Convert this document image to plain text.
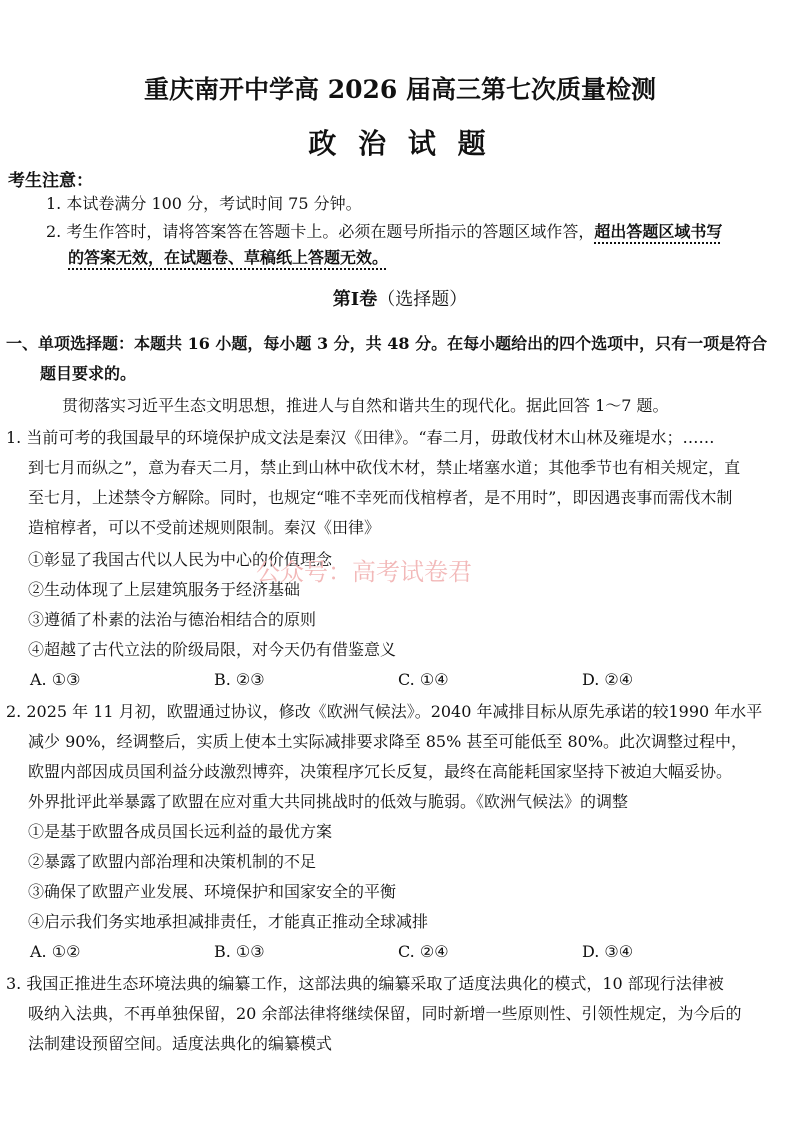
重庆南开中学高 2026 届高三第七次质量检测
政 治 试 题
考生注意：
1. 本试卷满分 100 分，考试时间 75 分钟。
2. 考生作答时，请将答案答在答题卡上。必须在题号所指示的答题区域作答，超出答题区域书写
的答案无效，在试题卷、草稿纸上答题无效。
第Ⅰ卷（选择题）
一、单项选择题：本题共 16 小题，每小题 3 分，共 48 分。在每小题给出的四个选项中，只有一项是符合
题目要求的。
贯彻落实习近平生态文明思想，推进人与自然和谐共生的现代化。据此回答 1～7 题。
1. 当前可考的我国最早的环境保护成文法是秦汉《田律》。“春二月，毋敢伐材木山林及雍堤水；……
到七月而纵之”，意为春天二月，禁止到山林中砍伐木材，禁止堵塞水道；其他季节也有相关规定，直
至七月，上述禁令方解除。同时，也规定“唯不幸死而伐棺椁者，是不用时”，即因遇丧事而需伐木制
造棺椁者，可以不受前述规则限制。秦汉《田律》
①彰显了我国古代以人民为中心的价值理念
②生动体现了上层建筑服务于经济基础
③遵循了朴素的法治与德治相结合的原则
④超越了古代立法的阶级局限，对今天仍有借鉴意义
A. ①③	B. ②③	C. ①④	D. ②④
公众号：高考试卷君
2. 2025 年 11 月初，欧盟通过协议，修改《欧洲气候法》。2040 年减排目标从原先承诺的较1990 年水平
减少 90%，经调整后，实质上使本土实际减排要求降至 85% 甚至可能低至 80%。此次调整过程中，
欧盟内部因成员国利益分歧激烈博弈，决策程序冗长反复，最终在高能耗国家坚持下被迫大幅妥协。
外界批评此举暴露了欧盟在应对重大共同挑战时的低效与脆弱。《欧洲气候法》的调整
①是基于欧盟各成员国长远利益的最优方案
②暴露了欧盟内部治理和决策机制的不足
③确保了欧盟产业发展、环境保护和国家安全的平衡
④启示我们务实地承担减排责任，才能真正推动全球减排
A. ①②	B. ①③	C. ②④	D. ③④
3. 我国正推进生态环境法典的编纂工作，这部法典的编纂采取了适度法典化的模式，10 部现行法律被
吸纳入法典，不再单独保留，20 余部法律将继续保留，同时新增一些原则性、引领性规定，为今后的
法制建设预留空间。适度法典化的编纂模式
